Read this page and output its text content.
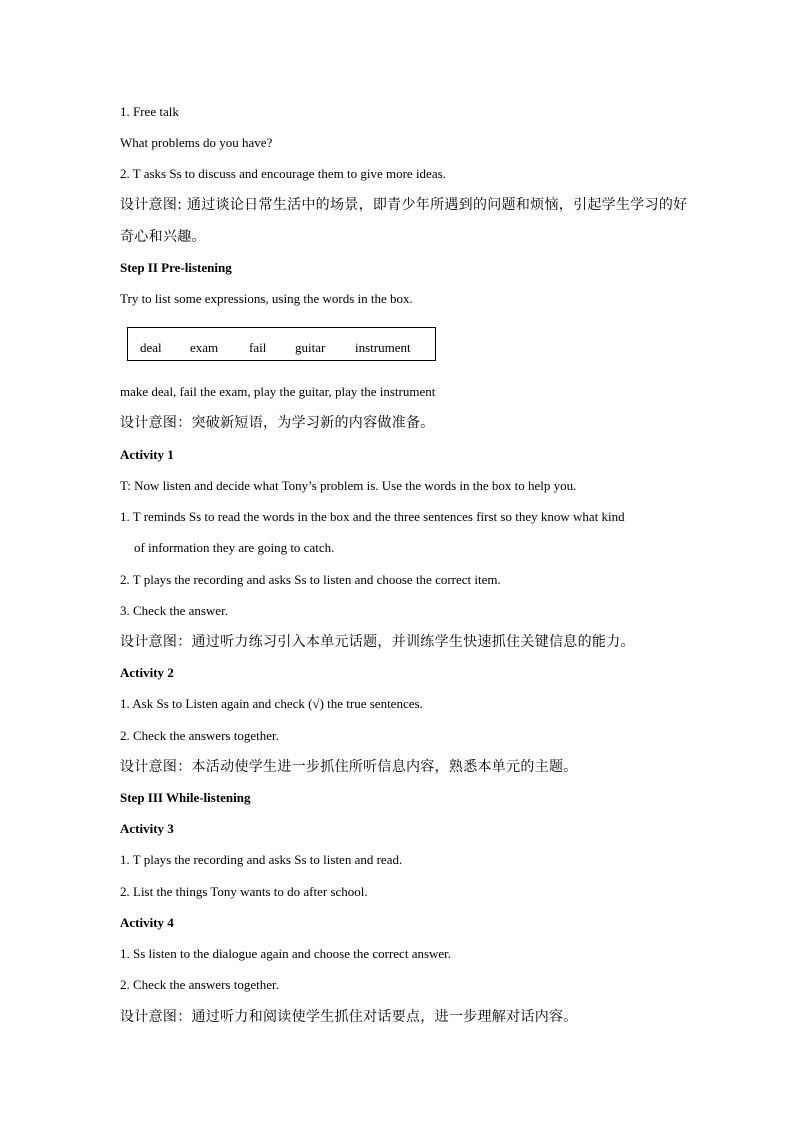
1. Free talk
What problems do you have?
2. T asks Ss to discuss and encourage them to give more ideas.
设计意图: 通过谈论日常生活中的场景，即青少年所遇到的问题和烦恼，引起学生学习的好
奇心和兴趣。
Step II Pre-listening
Try to list some expressions, using the words in the box.
deal exam fail guitar instrument
make deal, fail the exam, play the guitar, play the instrument
设计意图：突破新短语，为学习新的内容做准备。
Activity 1
T: Now listen and decide what Tony’s problem is. Use the words in the box to help you.
1. T reminds Ss to read the words in the box and the three sentences first so they know what kind
of information they are going to catch.
2. T plays the recording and asks Ss to listen and choose the correct item.
3. Check the answer.
设计意图：通过听力练习引入本单元话题，并训练学生快速抓住关键信息的能力。
Activity 2
1. Ask Ss to Listen again and check (√) the true sentences.
2. Check the answers together.
设计意图：本活动使学生进一步抓住所听信息内容，熟悉本单元的主题。
Step III While-listening
Activity 3
1. T plays the recording and asks Ss to listen and read.
2. List the things Tony wants to do after school.
Activity 4
1. Ss listen to the dialogue again and choose the correct answer.
2. Check the answers together.
设计意图：通过听力和阅读使学生抓住对话要点，进一步理解对话内容。
